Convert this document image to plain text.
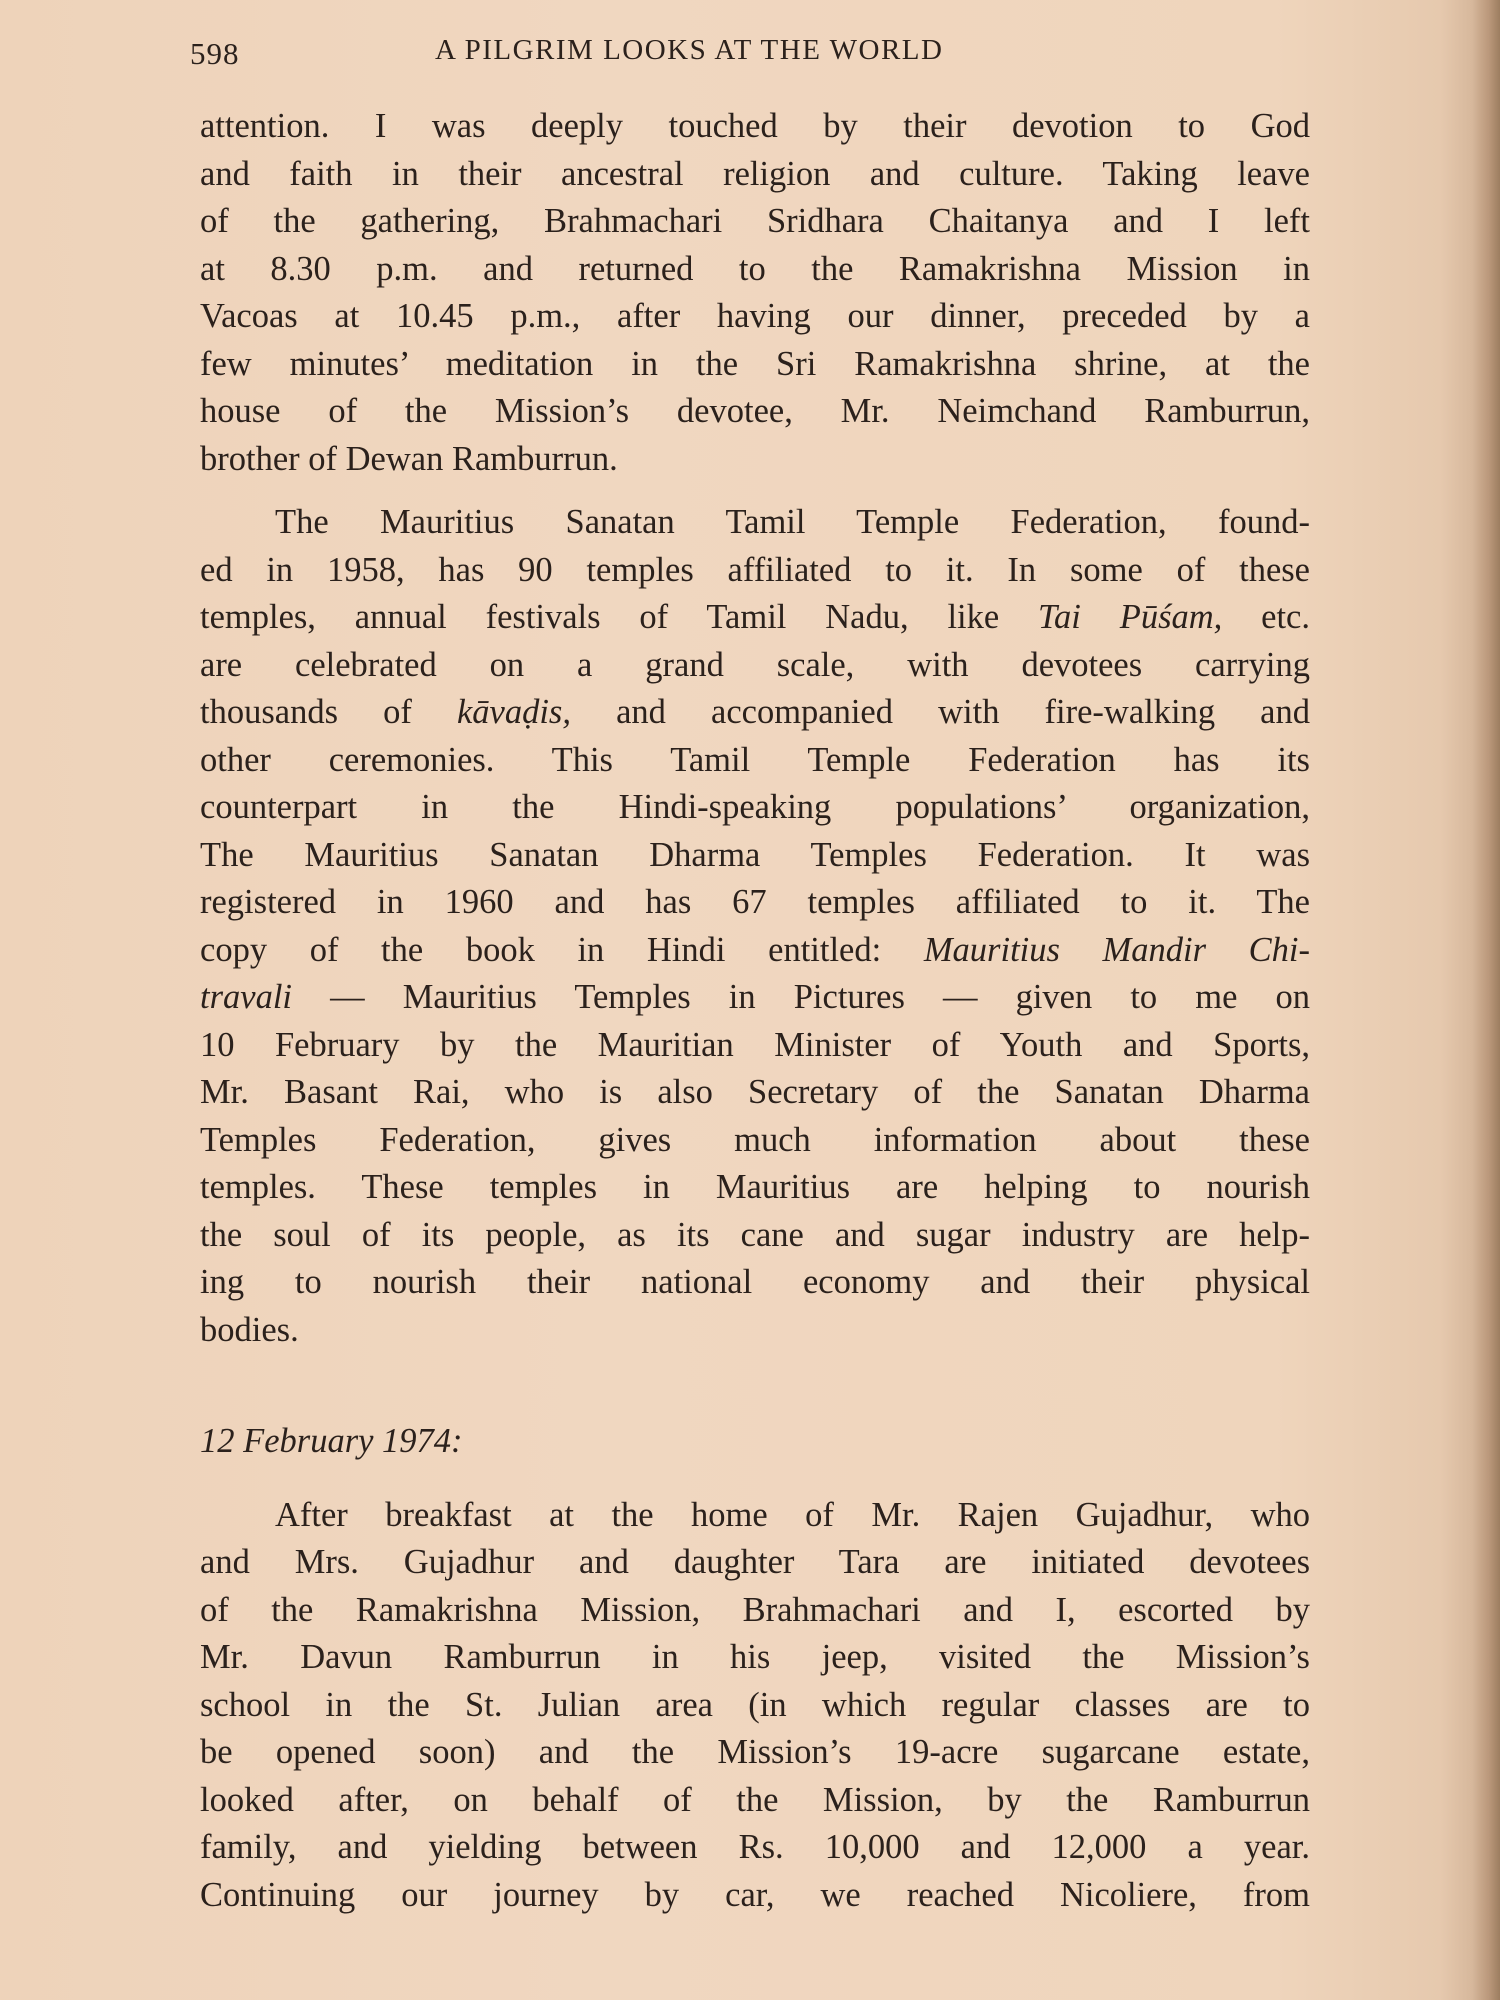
598	A PILGRIM LOOKS AT THE WORLD
attention. I was deeply touched by their devotion to God
and faith in their ancestral religion and culture. Taking leave
of the gathering, Brahmachari Sridhara Chaitanya and I left
at 8.30 p.m. and returned to the Ramakrishna Mission in
Vacoas at 10.45 p.m., after having our dinner, preceded by a
few minutes’ meditation in the Sri Ramakrishna shrine, at the
house of the Mission’s devotee, Mr. Neimchand Ramburrun,
brother of Dewan Ramburrun.
The Mauritius Sanatan Tamil Temple Federation, found-
ed in 1958, has 90 temples affiliated to it. In some of these
temples, annual festivals of Tamil Nadu, like Tai Pūśam, etc.
are celebrated on a grand scale, with devotees carrying
thousands of kāvaḍis, and accompanied with fire-walking and
other ceremonies. This Tamil Temple Federation has its
counterpart in the Hindi-speaking populations’ organization,
The Mauritius Sanatan Dharma Temples Federation. It was
registered in 1960 and has 67 temples affiliated to it. The
copy of the book in Hindi entitled: Mauritius Mandir Chi-
travali — Mauritius Temples in Pictures — given to me on
10 February by the Mauritian Minister of Youth and Sports,
Mr. Basant Rai, who is also Secretary of the Sanatan Dharma
Temples Federation, gives much information about these
temples. These temples in Mauritius are helping to nourish
the soul of its people, as its cane and sugar industry are help-
ing to nourish their national economy and their physical
bodies.
12 February 1974:
After breakfast at the home of Mr. Rajen Gujadhur, who
and Mrs. Gujadhur and daughter Tara are initiated devotees
of the Ramakrishna Mission, Brahmachari and I, escorted by
Mr. Davun Ramburrun in his jeep, visited the Mission’s
school in the St. Julian area (in which regular classes are to
be opened soon) and the Mission’s 19-acre sugarcane estate,
looked after, on behalf of the Mission, by the Ramburrun
family, and yielding between Rs. 10,000 and 12,000 a year.
Continuing our journey by car, we reached Nicoliere, from
